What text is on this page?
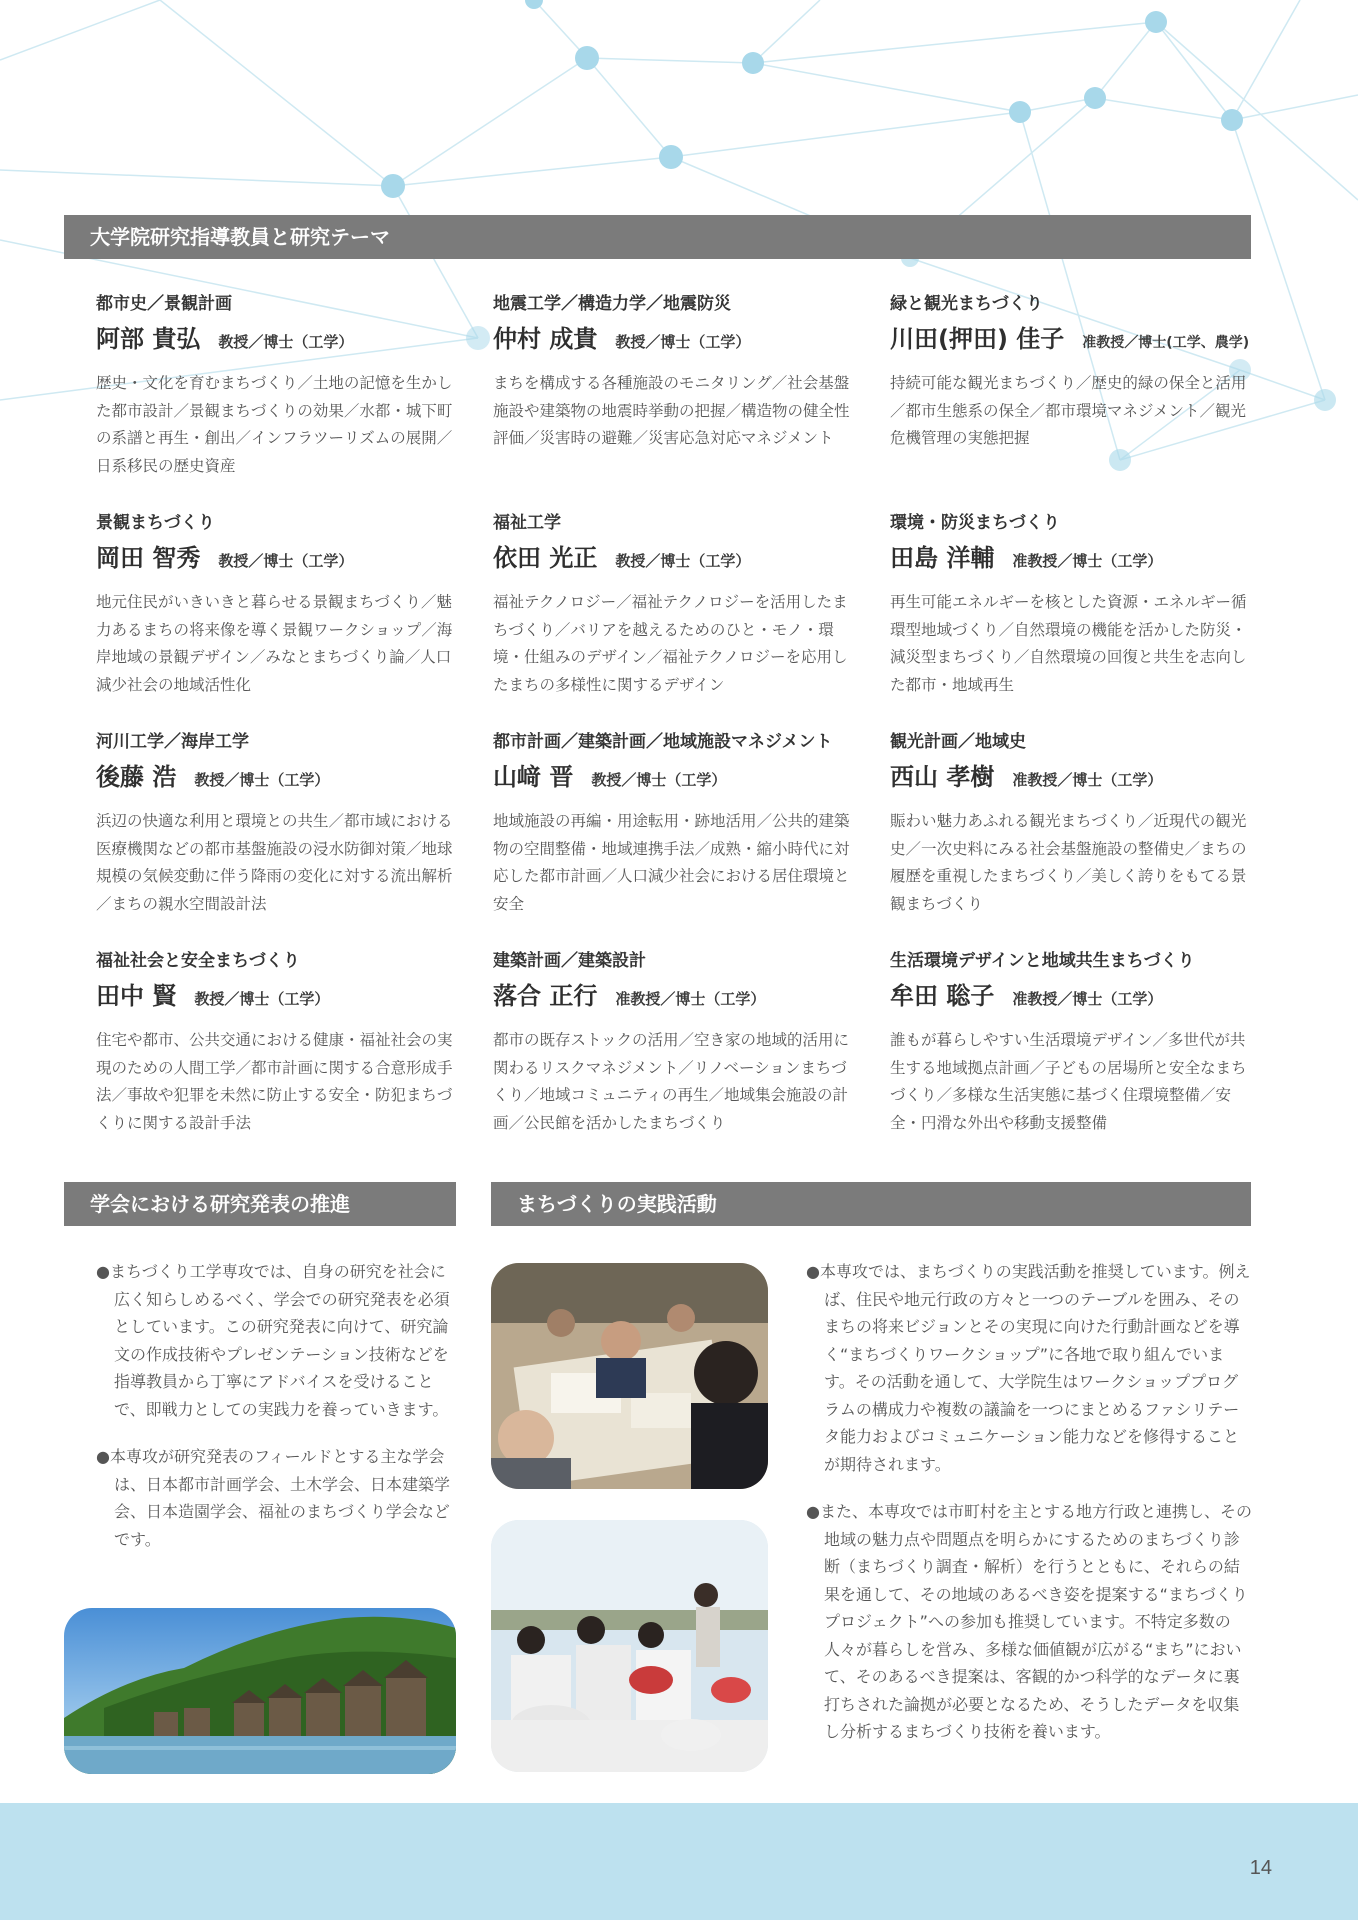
大学院研究指導教員と研究テーマ
都市史／景観計画
阿部 貴弘 教授／博士（工学）
歴史・文化を育むまちづくり／土地の記憶を生かした都市設計／景観まちづくりの効果／水都・城下町の系譜と再生・創出／インフラツーリズムの展開／日系移民の歴史資産
地震工学／構造力学／地震防災
仲村 成貴 教授／博士（工学）
まちを構成する各種施設のモニタリング／社会基盤施設や建築物の地震時挙動の把握／構造物の健全性評価／災害時の避難／災害応急対応マネジメント
緑と観光まちづくり
川田(押田) 佳子 准教授／博士(工学、農学)
持続可能な観光まちづくり／歴史的緑の保全と活用／都市生態系の保全／都市環境マネジメント／観光危機管理の実態把握
景観まちづくり
岡田 智秀 教授／博士（工学）
地元住民がいきいきと暮らせる景観まちづくり／魅力あるまちの将来像を導く景観ワークショップ／海岸地域の景観デザイン／みなとまちづくり論／人口減少社会の地域活性化
福祉工学
依田 光正 教授／博士（工学）
福祉テクノロジー／福祉テクノロジーを活用したまちづくり／バリアを越えるためのひと・モノ・環境・仕組みのデザイン／福祉テクノロジーを応用したまちの多様性に関するデザイン
環境・防災まちづくり
田島 洋輔 准教授／博士（工学）
再生可能エネルギーを核とした資源・エネルギー循環型地域づくり／自然環境の機能を活かした防災・減災型まちづくり／自然環境の回復と共生を志向した都市・地域再生
河川工学／海岸工学
後藤 浩 教授／博士（工学）
浜辺の快適な利用と環境との共生／都市域における医療機関などの都市基盤施設の浸水防御対策／地球規模の気候変動に伴う降雨の変化に対する流出解析／まちの親水空間設計法
都市計画／建築計画／地域施設マネジメント
山﨑 晋 教授／博士（工学）
地域施設の再編・用途転用・跡地活用／公共的建築物の空間整備・地域連携手法／成熟・縮小時代に対応した都市計画／人口減少社会における居住環境と安全
観光計画／地域史
西山 孝樹 准教授／博士（工学）
賑わい魅力あふれる観光まちづくり／近現代の観光史／一次史料にみる社会基盤施設の整備史／まちの履歴を重視したまちづくり／美しく誇りをもてる景観まちづくり
福祉社会と安全まちづくり
田中 賢 教授／博士（工学）
住宅や都市、公共交通における健康・福祉社会の実現のための人間工学／都市計画に関する合意形成手法／事故や犯罪を未然に防止する安全・防犯まちづくりに関する設計手法
建築計画／建築設計
落合 正行 准教授／博士（工学）
都市の既存ストックの活用／空き家の地域的活用に関わるリスクマネジメント／リノベーションまちづくり／地域コミュニティの再生／地域集会施設の計画／公民館を活かしたまちづくり
生活環境デザインと地域共生まちづくり
牟田 聡子 准教授／博士（工学）
誰もが暮らしやすい生活環境デザイン／多世代が共生する地域拠点計画／子どもの居場所と安全なまちづくり／多様な生活実態に基づく住環境整備／安全・円滑な外出や移動支援整備
学会における研究発表の推進

●まちづくり工学専攻では、自身の研究を社会に広く知らしめるべく、学会での研究発表を必須としています。この研究発表に向けて、研究論文の作成技術やプレゼンテーション技術などを指導教員から丁寧にアドバイスを受けることで、即戦力としての実践力を養っていきます。

●本専攻が研究発表のフィールドとする主な学会は、日本都市計画学会、土木学会、日本建築学会、日本造園学会、福祉のまちづくり学会などです。

まちづくりの実践活動

●本専攻では、まちづくりの実践活動を推奨しています。例えば、住民や地元行政の方々と一つのテーブルを囲み、そのまちの将来ビジョンとその実現に向けた行動計画などを導く“まちづくりワークショップ”に各地で取り組んでいます。その活動を通して、大学院生はワークショッププログラムの構成力や複数の議論を一つにまとめるファシリテータ能力およびコミュニケーション能力などを修得することが期待されます。

●また、本専攻では市町村を主とする地方行政と連携し、その地域の魅力点や問題点を明らかにするためのまちづくり診断（まちづくり調査・解析）を行うとともに、それらの結果を通して、その地域のあるべき姿を提案する“まちづくりプロジェクト”への参加も推奨しています。不特定多数の人々が暮らしを営み、多様な価値観が広がる“まち”において、そのあるべき提案は、客観的かつ科学的なデータに裏打ちされた論拠が必要となるため、そうしたデータを収集し分析するまちづくり技術を養います。

14
